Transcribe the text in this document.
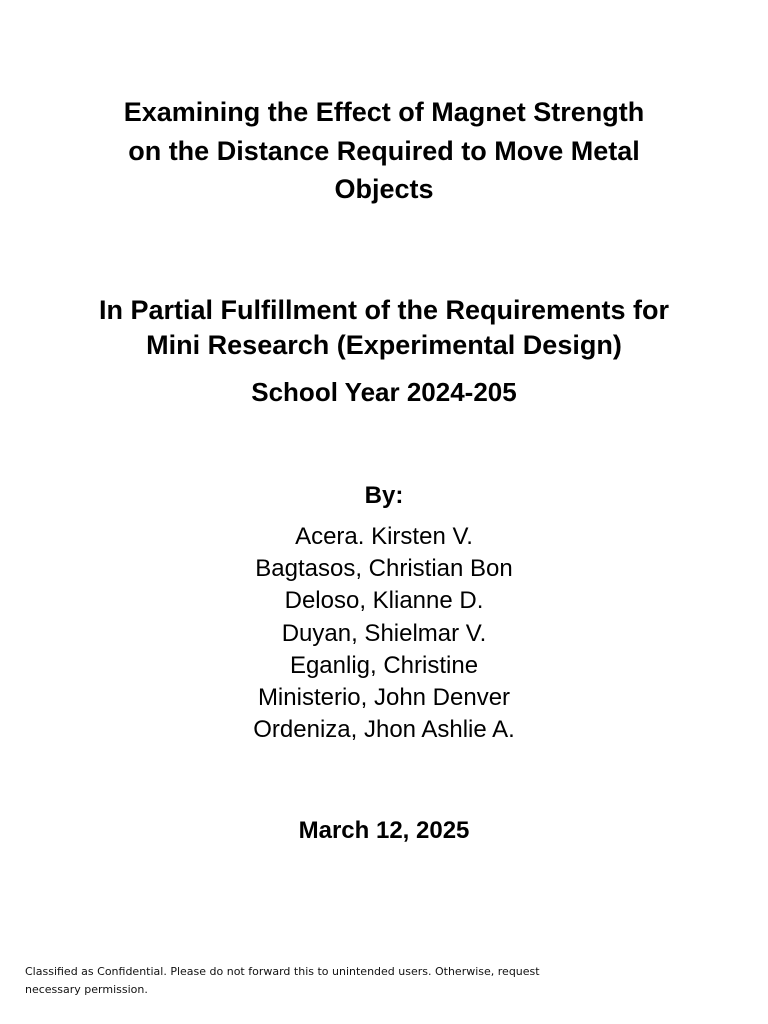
Examining the Effect of Magnet Strength
on the Distance Required to Move Metal
Objects
In Partial Fulfillment of the Requirements for
Mini Research (Experimental Design)
School Year 2024-205
By:
Acera. Kirsten V.
Bagtasos, Christian Bon
Deloso, Klianne D.
Duyan, Shielmar V.
Eganlig, Christine
Ministerio, John Denver
Ordeniza, Jhon Ashlie A.
March 12, 2025
Classified as Confidential. Please do not forward this to unintended users. Otherwise, request necessary permission.
